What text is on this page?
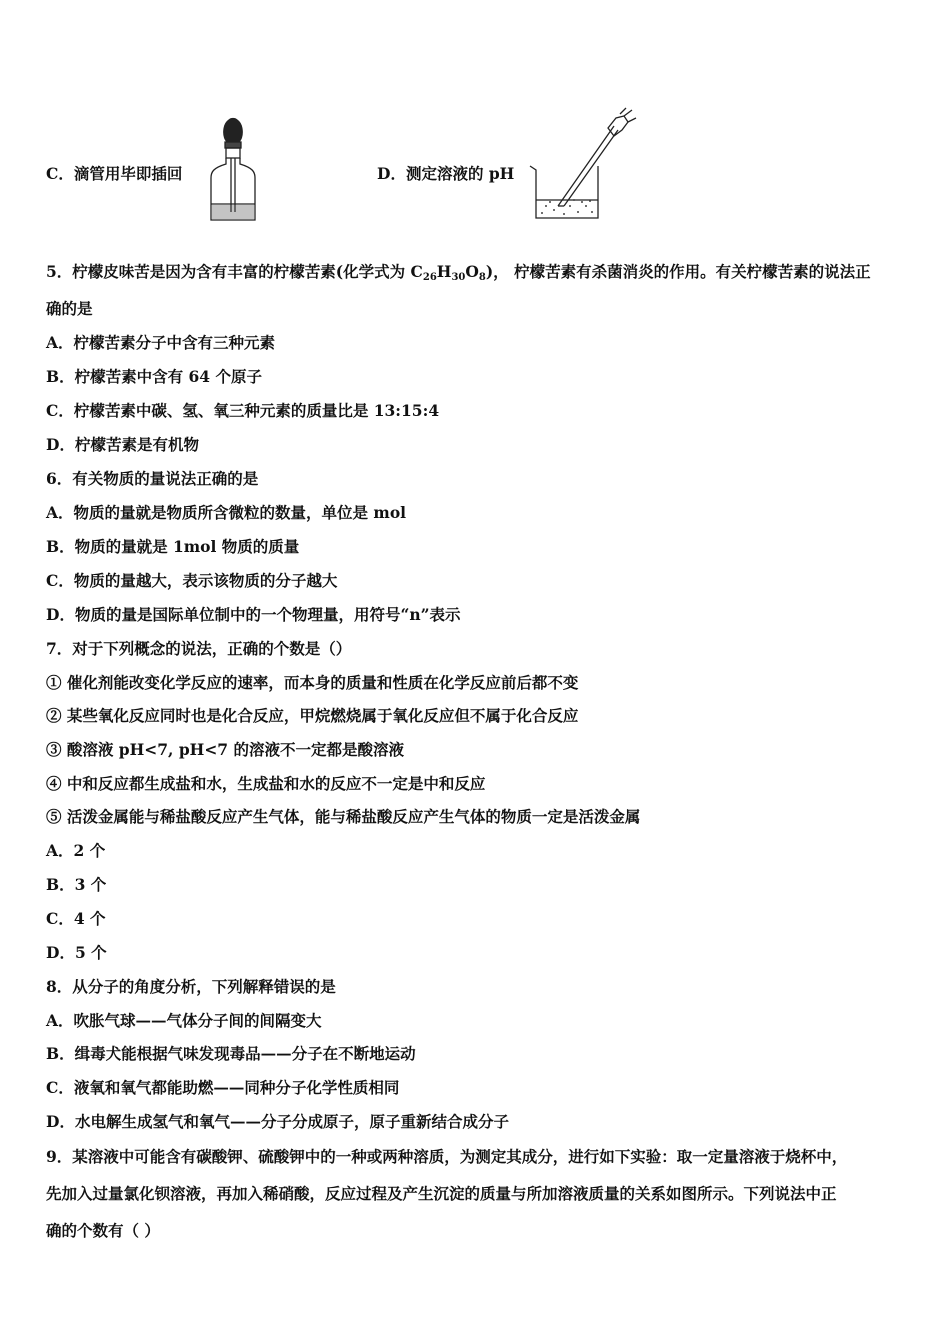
C．滴管用毕即插回	D．测定溶液的 pH
5．柠檬皮味苦是因为含有丰富的柠檬苦素(化学式为 $C_{26}H_{30}O_8$)， 柠檬苦素有杀菌消炎的作用。有关柠檬苦素的说法正
确的是
A．柠檬苦素分子中含有三种元素
B．柠檬苦素中含有 64 个原子
C．柠檬苦素中碳、氢、氧三种元素的质量比是 13:15:4
D．柠檬苦素是有机物
6．有关物质的量说法正确的是
A．物质的量就是物质所含微粒的数量，单位是 mol
B．物质的量就是 1mol 物质的质量
C．物质的量越大，表示该物质的分子越大
D．物质的量是国际单位制中的一个物理量，用符号“n”表示
7．对于下列概念的说法，正确的个数是（）
① 催化剂能改变化学反应的速率，而本身的质量和性质在化学反应前后都不变
② 某些氧化反应同时也是化合反应，甲烷燃烧属于氧化反应但不属于化合反应
③ 酸溶液 pH<7, pH<7 的溶液不一定都是酸溶液
④ 中和反应都生成盐和水，生成盐和水的反应不一定是中和反应
⑤ 活泼金属能与稀盐酸反应产生气体，能与稀盐酸反应产生气体的物质一定是活泼金属
A．2 个
B．3 个
C．4 个
D．5 个
8．从分子的角度分析，下列解释错误的是
A．吹胀气球——气体分子间的间隔变大
B．缉毒犬能根据气味发现毒品——分子在不断地运动
C．液氧和氧气都能助燃——同种分子化学性质相同
D．水电解生成氢气和氧气——分子分成原子，原子重新结合成分子
9．某溶液中可能含有碳酸钾、硫酸钾中的一种或两种溶质，为测定其成分，进行如下实验：取一定量溶液于烧杯中，
先加入过量氯化钡溶液，再加入稀硝酸，反应过程及产生沉淀的质量与所加溶液质量的关系如图所示。下列说法中正
确的个数有（ ）
